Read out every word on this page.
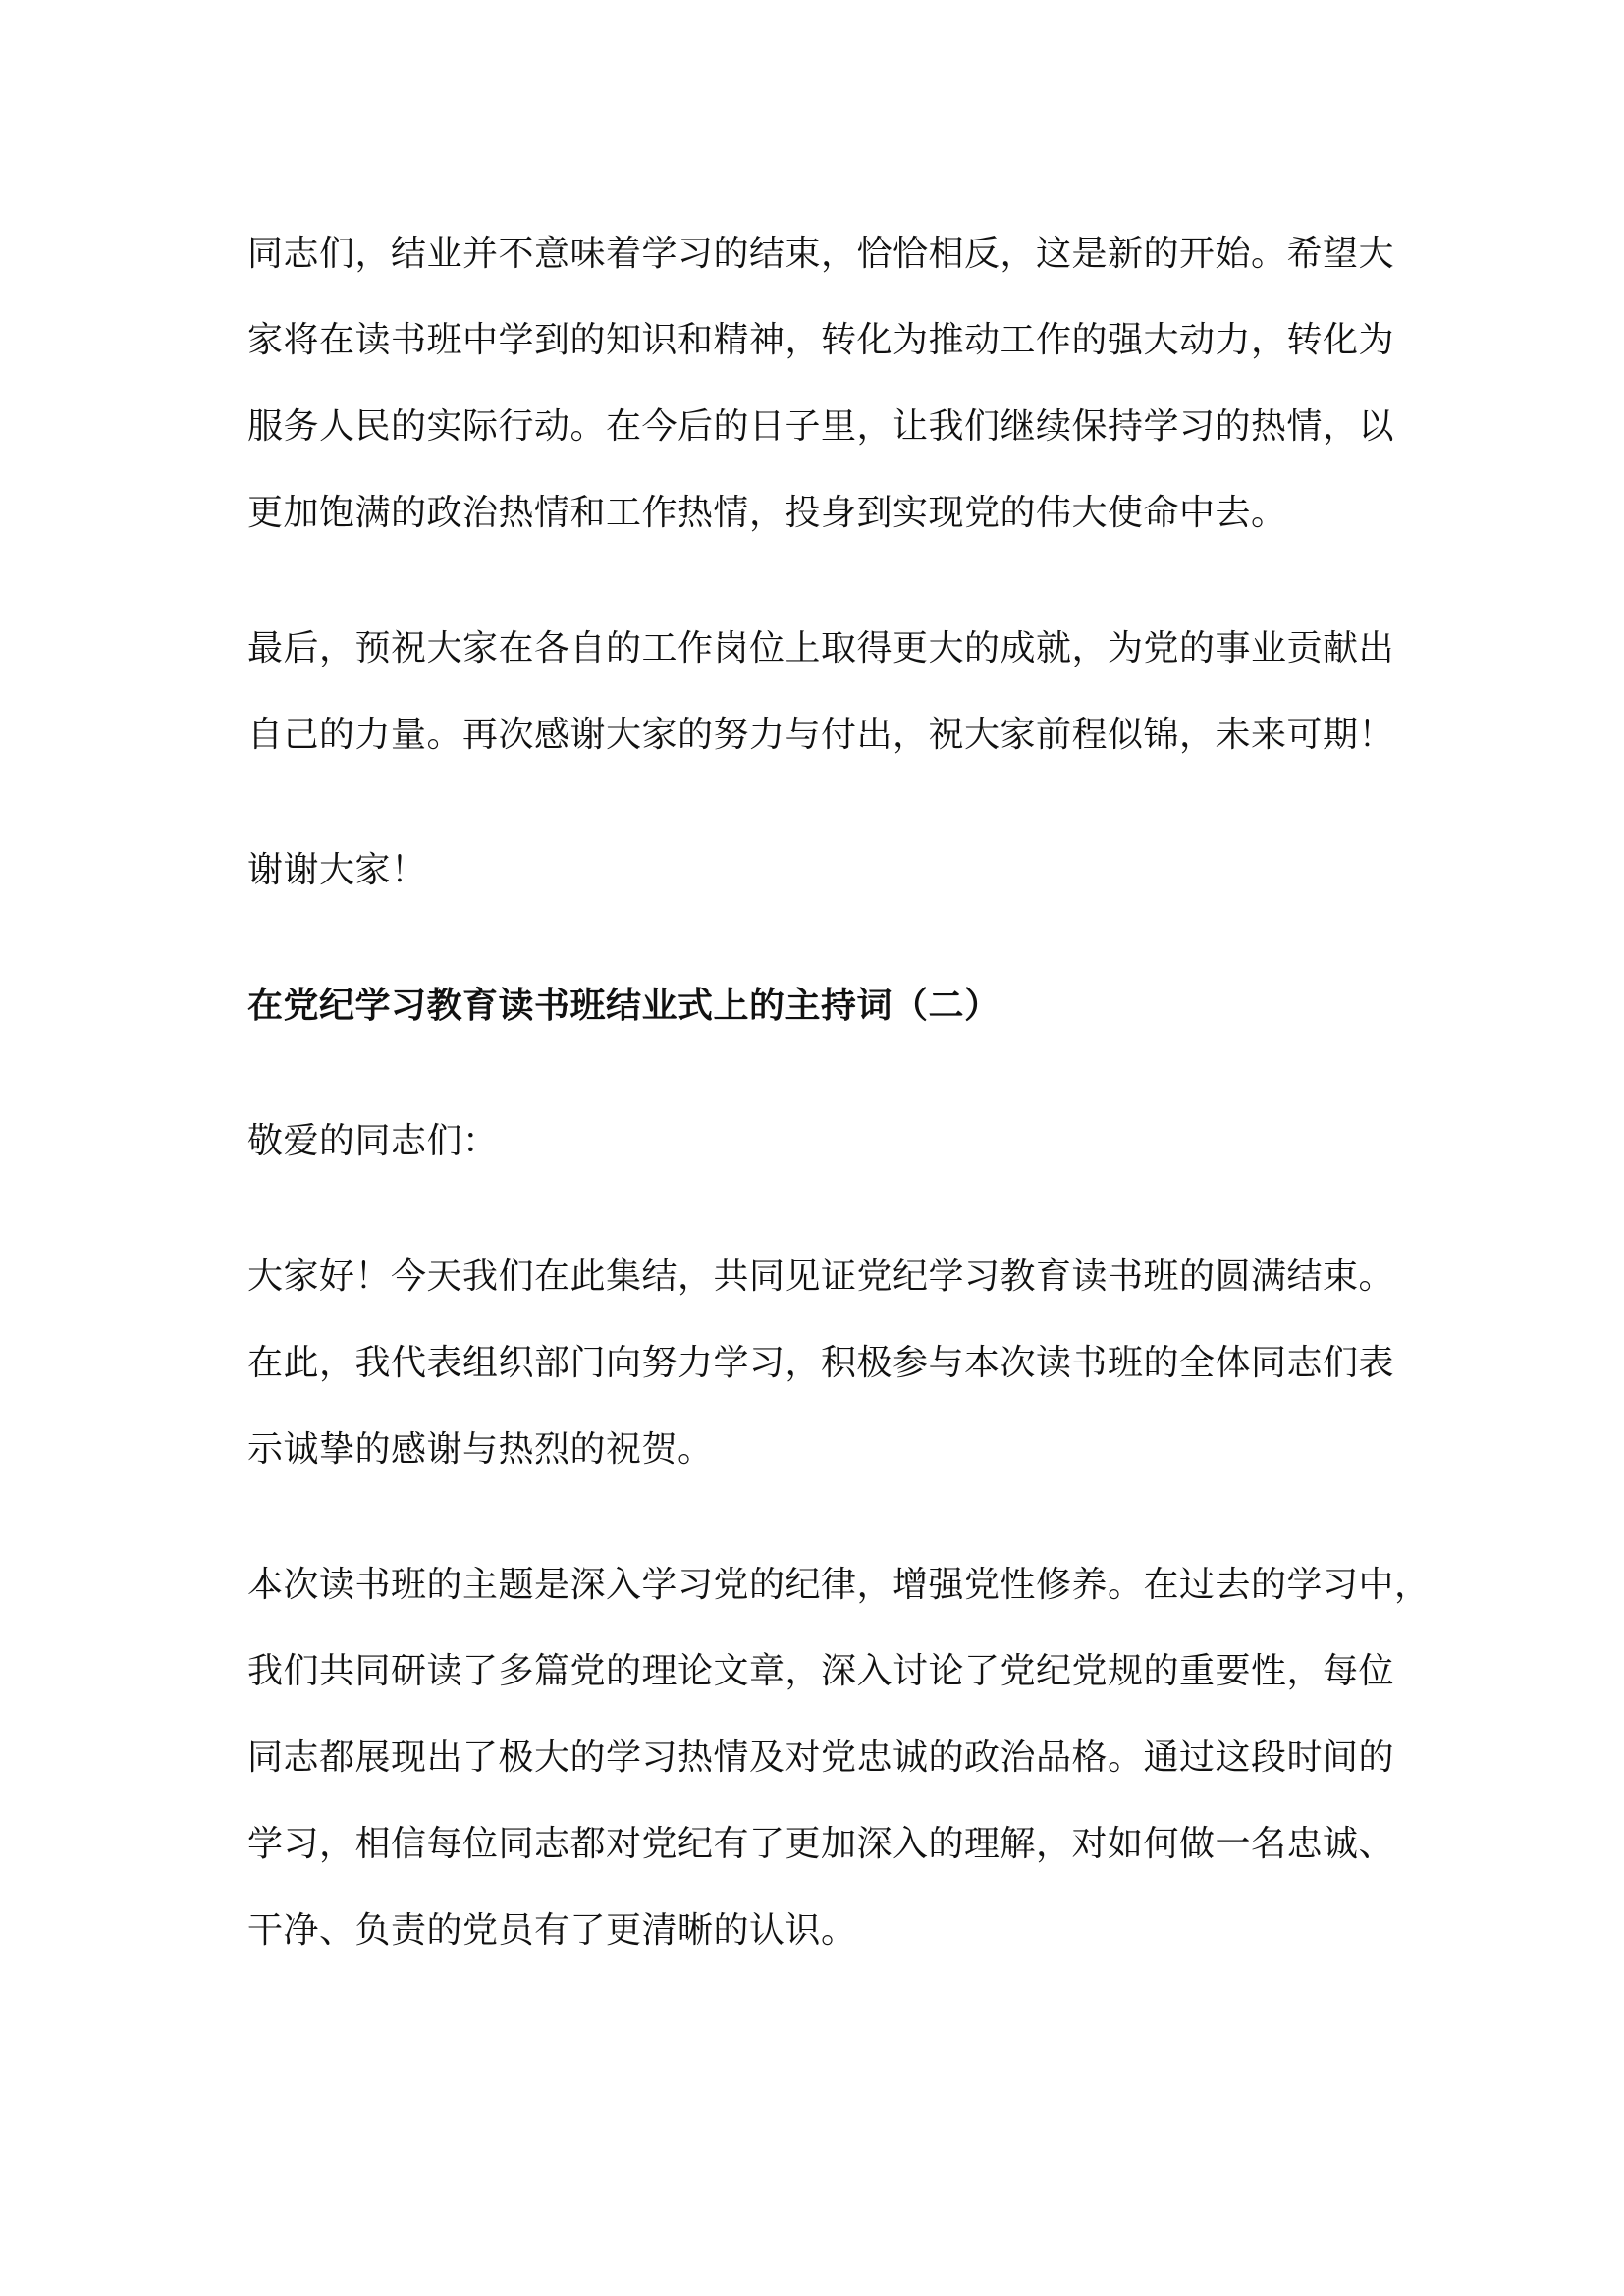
同志们，结业并不意味着学习的结束，恰恰相反，这是新的开始。希望大
家将在读书班中学到的知识和精神，转化为推动工作的强大动力，转化为
服务人民的实际行动。在今后的日子里，让我们继续保持学习的热情，以
更加饱满的政治热情和工作热情，投身到实现党的伟大使命中去。
最后，预祝大家在各自的工作岗位上取得更大的成就，为党的事业贡献出
自己的力量。再次感谢大家的努力与付出，祝大家前程似锦，未来可期！
谢谢大家！
在党纪学习教育读书班结业式上的主持词（二）
敬爱的同志们：
大家好！今天我们在此集结，共同见证党纪学习教育读书班的圆满结束。
在此，我代表组织部门向努力学习，积极参与本次读书班的全体同志们表
示诚挚的感谢与热烈的祝贺。
本次读书班的主题是深入学习党的纪律，增强党性修养。在过去的学习中，
我们共同研读了多篇党的理论文章，深入讨论了党纪党规的重要性，每位
同志都展现出了极大的学习热情及对党忠诚的政治品格。通过这段时间的
学习，相信每位同志都对党纪有了更加深入的理解，对如何做一名忠诚、
干净、负责的党员有了更清晰的认识。
